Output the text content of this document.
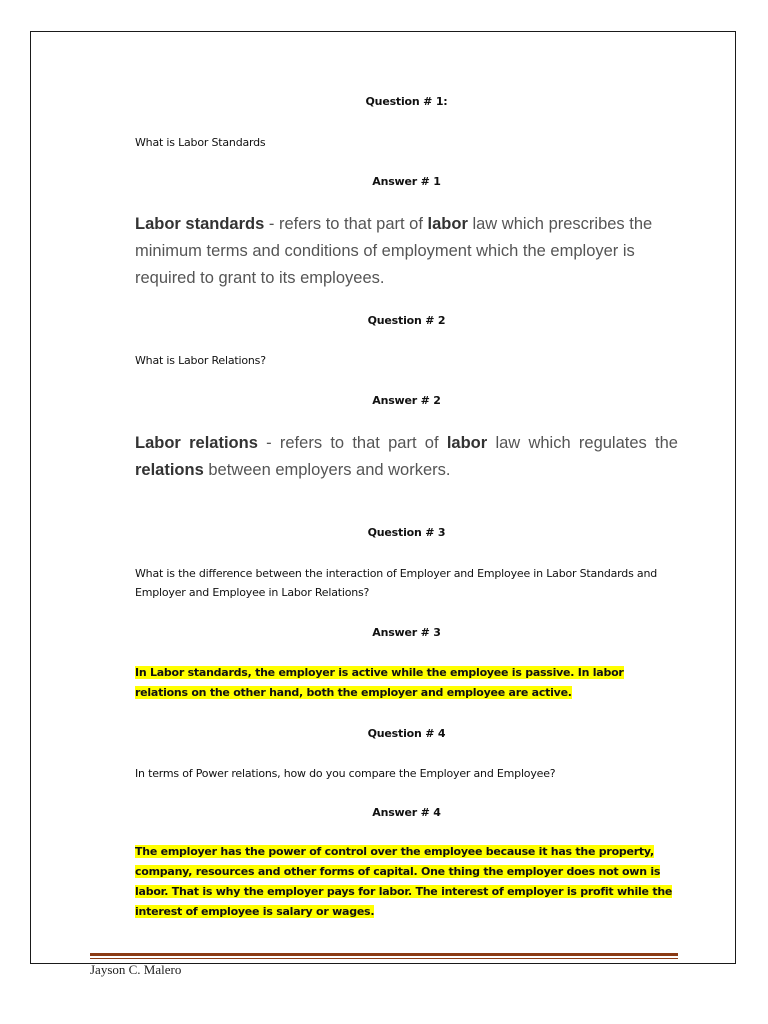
Question # 1:
What is Labor Standards
Answer # 1
Labor standards - refers to that part of labor law which prescribes the minimum terms and conditions of employment which the employer is required to grant to its employees.
Question # 2
What is Labor Relations?
Answer # 2
Labor relations - refers to that part of labor law which regulates the relations between employers and workers.
Question # 3
What is the difference between the interaction of Employer and Employee in Labor Standards and Employer and Employee in Labor Relations?
Answer # 3
In Labor standards, the employer is active while the employee is passive. In labor relations on the other hand, both the employer and employee are active.
Question # 4
In terms of Power relations, how do you compare the Employer and Employee?
Answer # 4
The employer has the power of control over the employee because it has the property, company, resources and other forms of capital. One thing the employer does not own is labor. That is why the employer pays for labor. The interest of employer is profit while the interest of employee is salary or wages.
Jayson C. Malero
